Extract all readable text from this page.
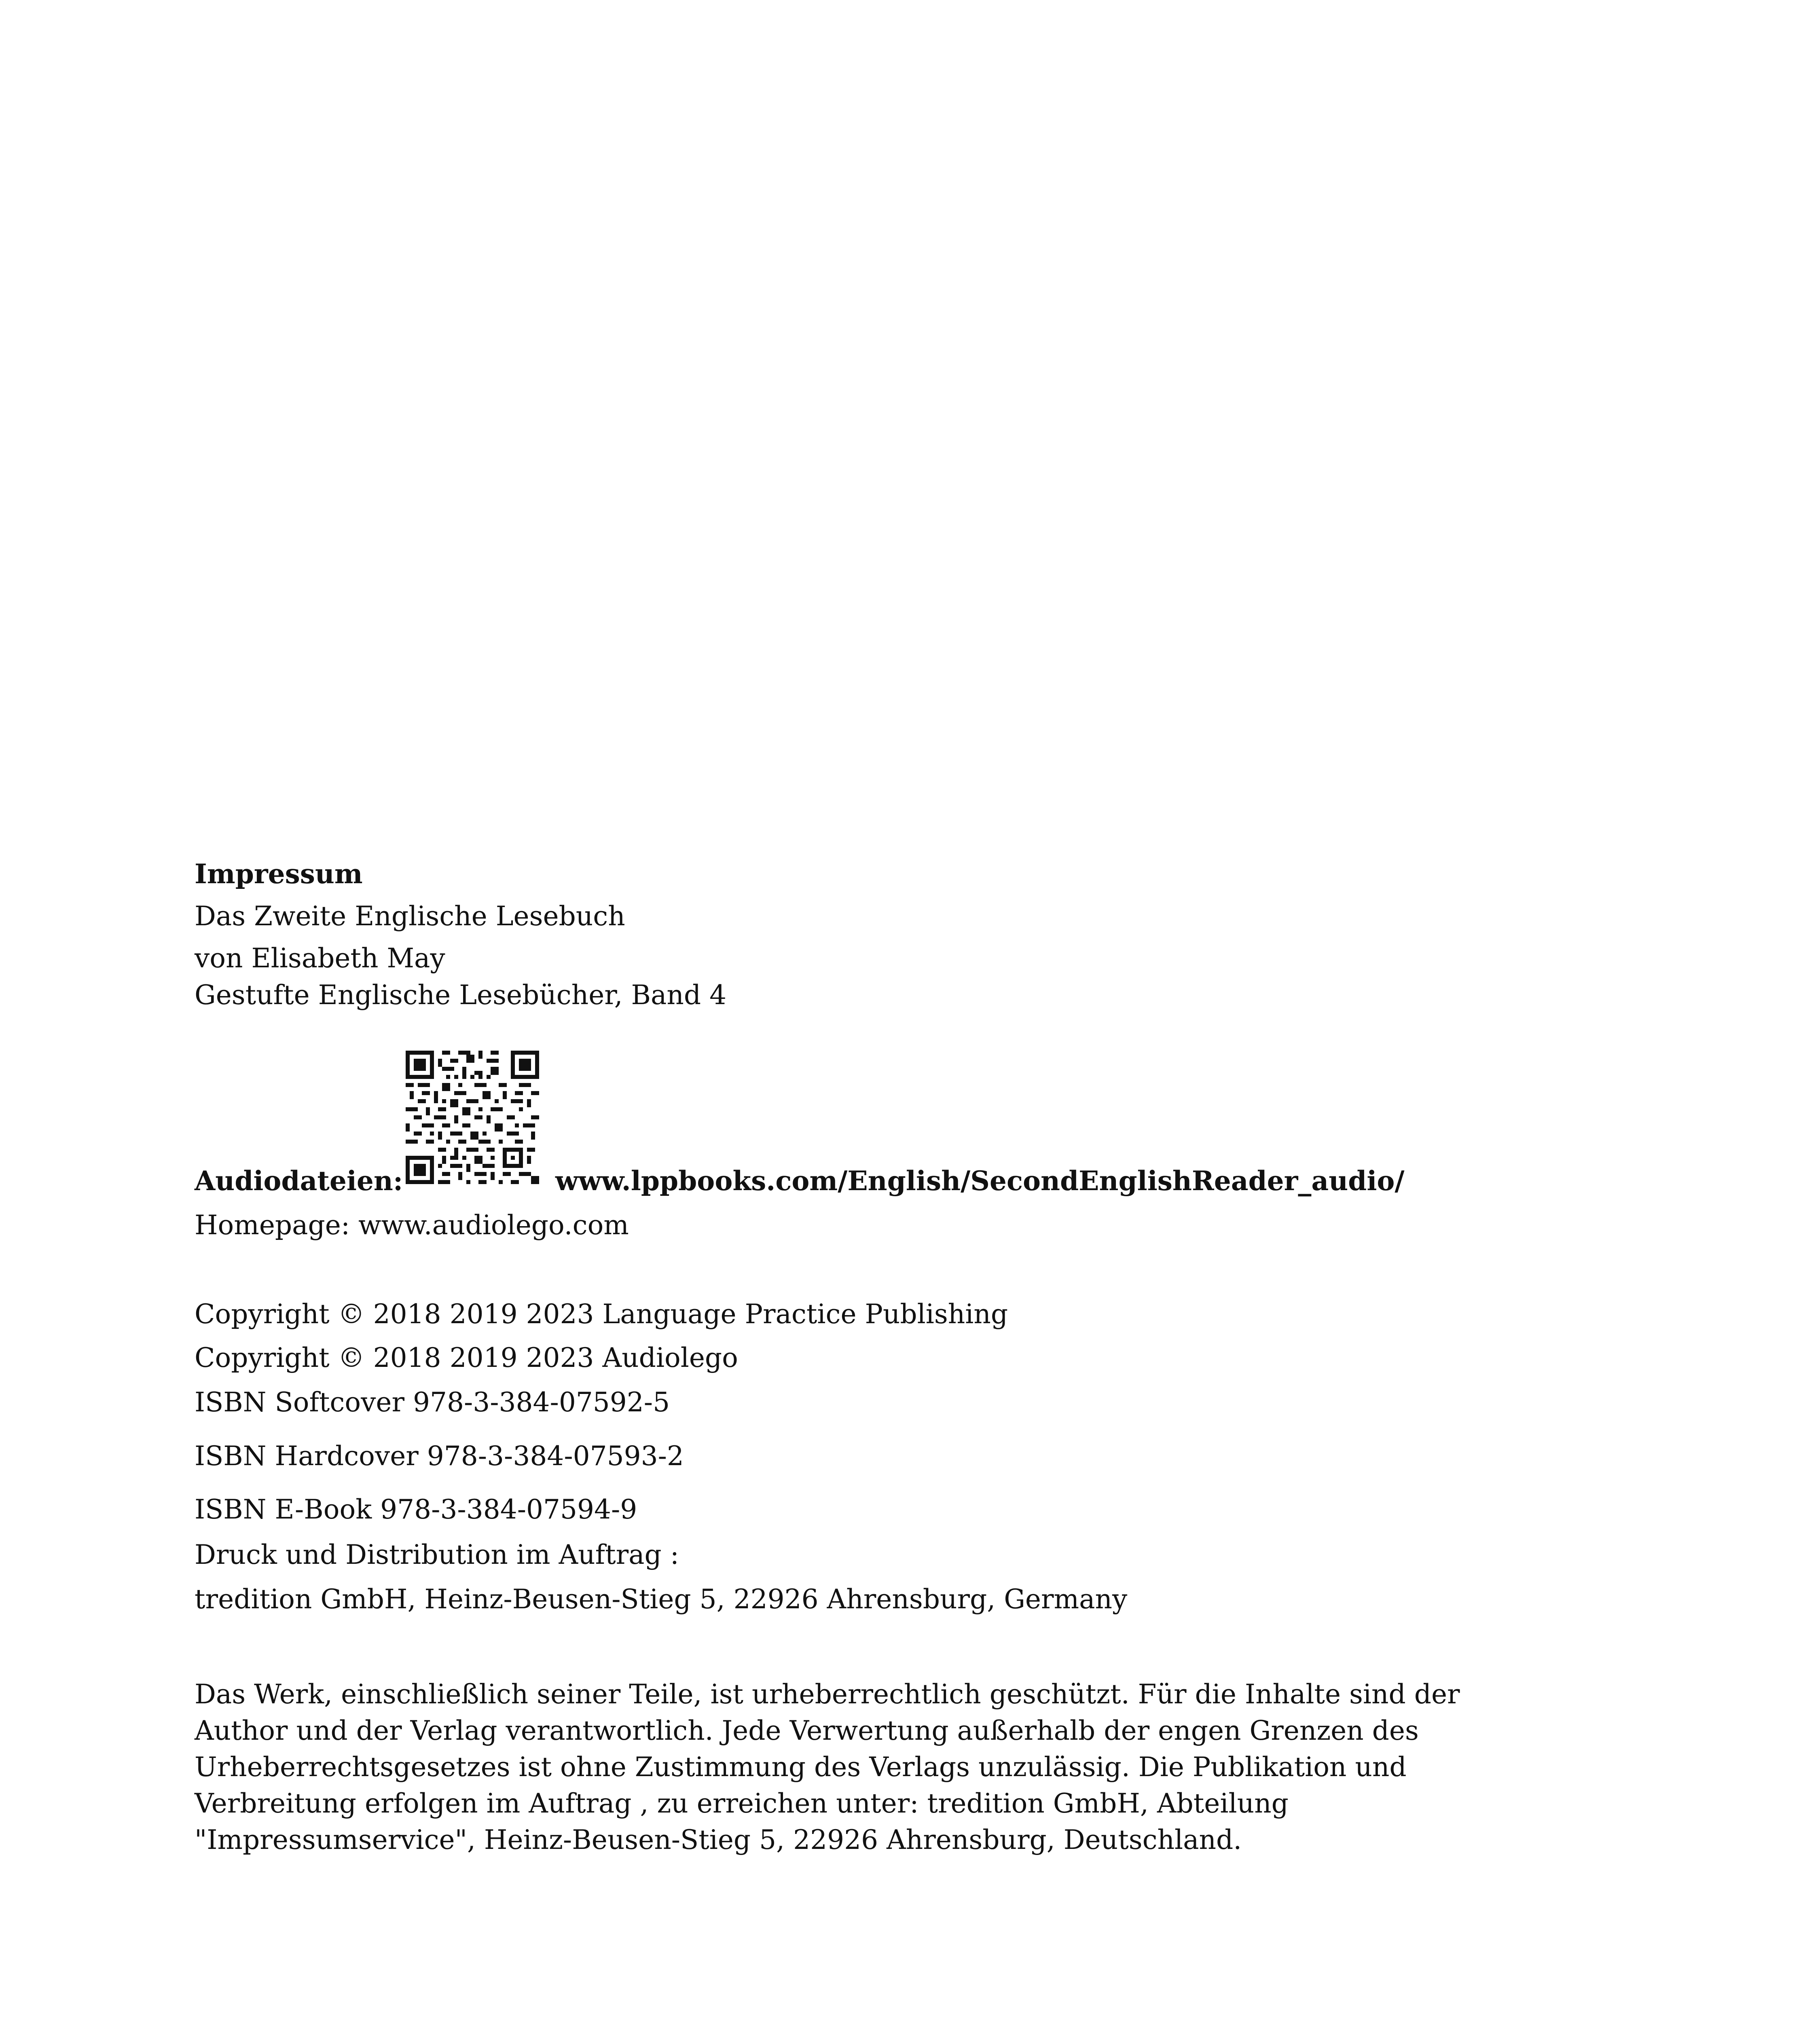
Impressum
Das Zweite Englische Lesebuch
von Elisabeth May
Gestufte Englische Lesebücher, Band 4
Audiodateien:	www.lppbooks.com/English/SecondEnglishReader_audio/
Homepage: www.audiolego.com
Copyright © 2018 2019 2023 Language Practice Publishing
Copyright © 2018 2019 2023 Audiolego
ISBN Softcover 978-3-384-07592-5
ISBN Hardcover 978-3-384-07593-2
ISBN E-Book 978-3-384-07594-9
Druck und Distribution im Auftrag :
tredition GmbH, Heinz-Beusen-Stieg 5, 22926 Ahrensburg, Germany

Das Werk, einschließlich seiner Teile, ist urheberrechtlich geschützt. Für die Inhalte sind der

Author und der Verlag verantwortlich. Jede Verwertung außerhalb der engen Grenzen des

Urheberrechtsgesetzes ist ohne Zustimmung des Verlags unzulässig. Die Publikation und

Verbreitung erfolgen im Auftrag , zu erreichen unter: tredition GmbH, Abteilung

"Impressumservice", Heinz-Beusen-Stieg 5, 22926 Ahrensburg, Deutschland.
